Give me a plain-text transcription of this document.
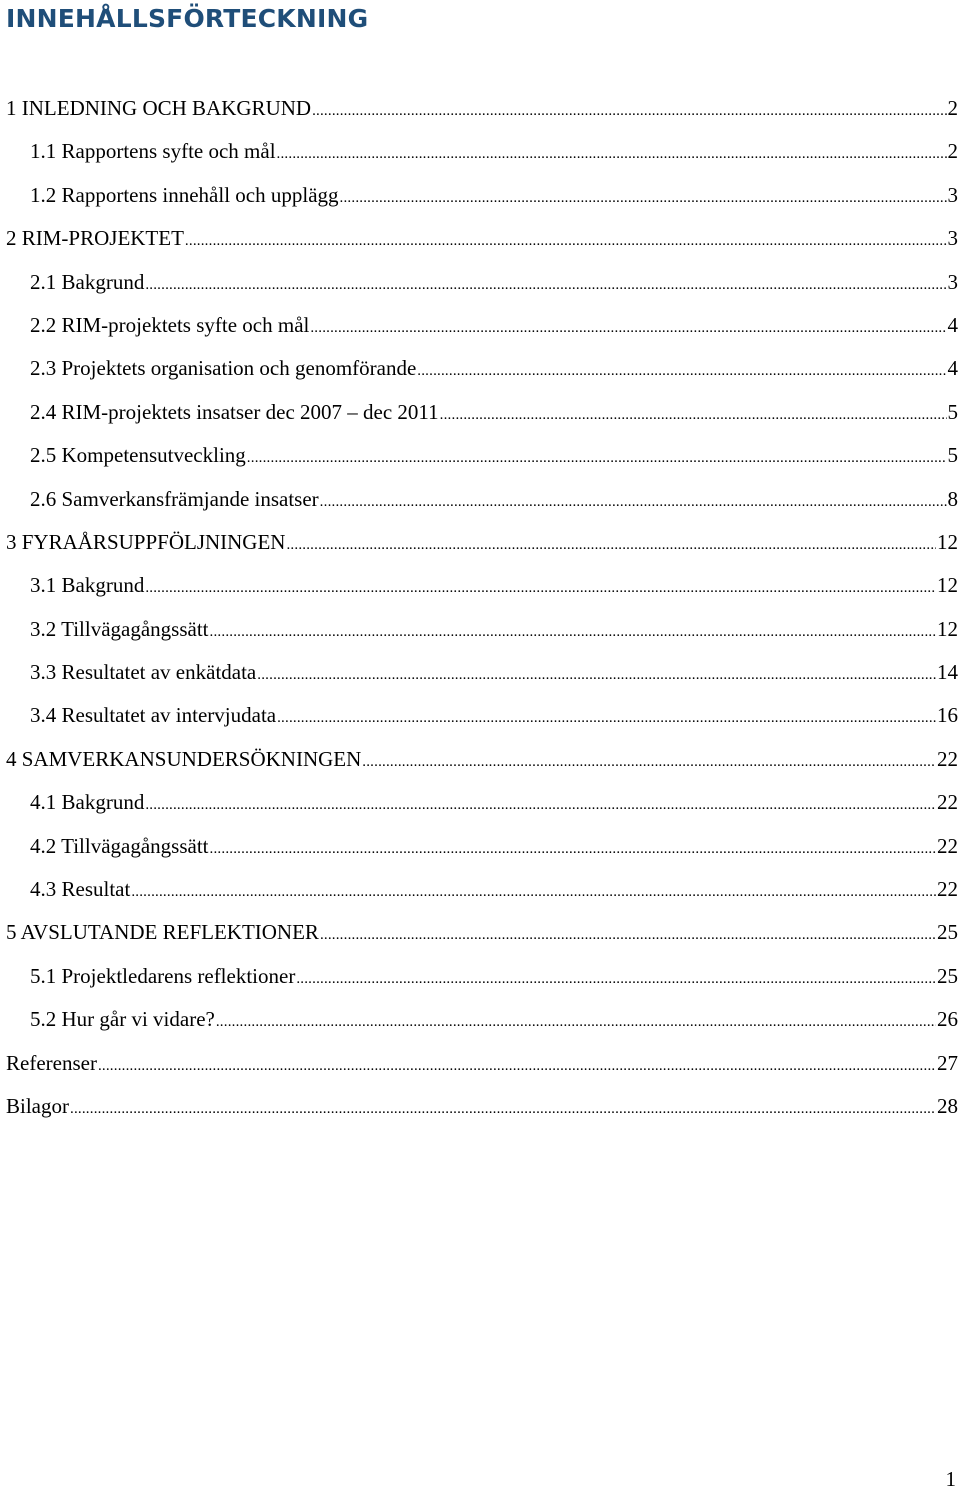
INNEHÅLLSFÖRTECKNING
1 INLEDNING OCH BAKGRUND .....	2
1.1 Rapportens syfte och mål .....	2
1.2 Rapportens innehåll och upplägg .....	3
2 RIM-PROJEKTET .....	3
2.1 Bakgrund .....	3
2.2 RIM-projektets syfte och mål .....	4
2.3 Projektets organisation och genomförande .....	4
2.4 RIM-projektets insatser dec 2007 – dec 2011 .....	5
2.5 Kompetensutveckling .....	5
2.6 Samverkansfrämjande insatser .....	8
3 FYRAÅRSUPPFÖLJNINGEN .....	12
3.1 Bakgrund .....	12
3.2 Tillvägagångssätt .....	12
3.3 Resultatet av enkätdata .....	14
3.4 Resultatet av intervjudata .....	16
4 SAMVERKANSUNDERSÖKNINGEN .....	22
4.1 Bakgrund .....	22
4.2 Tillvägagångssätt .....	22
4.3 Resultat .....	22
5 AVSLUTANDE REFLEKTIONER .....	25
5.1 Projektledarens reflektioner .....	25
5.2 Hur går vi vidare? .....	26
Referenser .....	27
Bilagor .....	28
1
